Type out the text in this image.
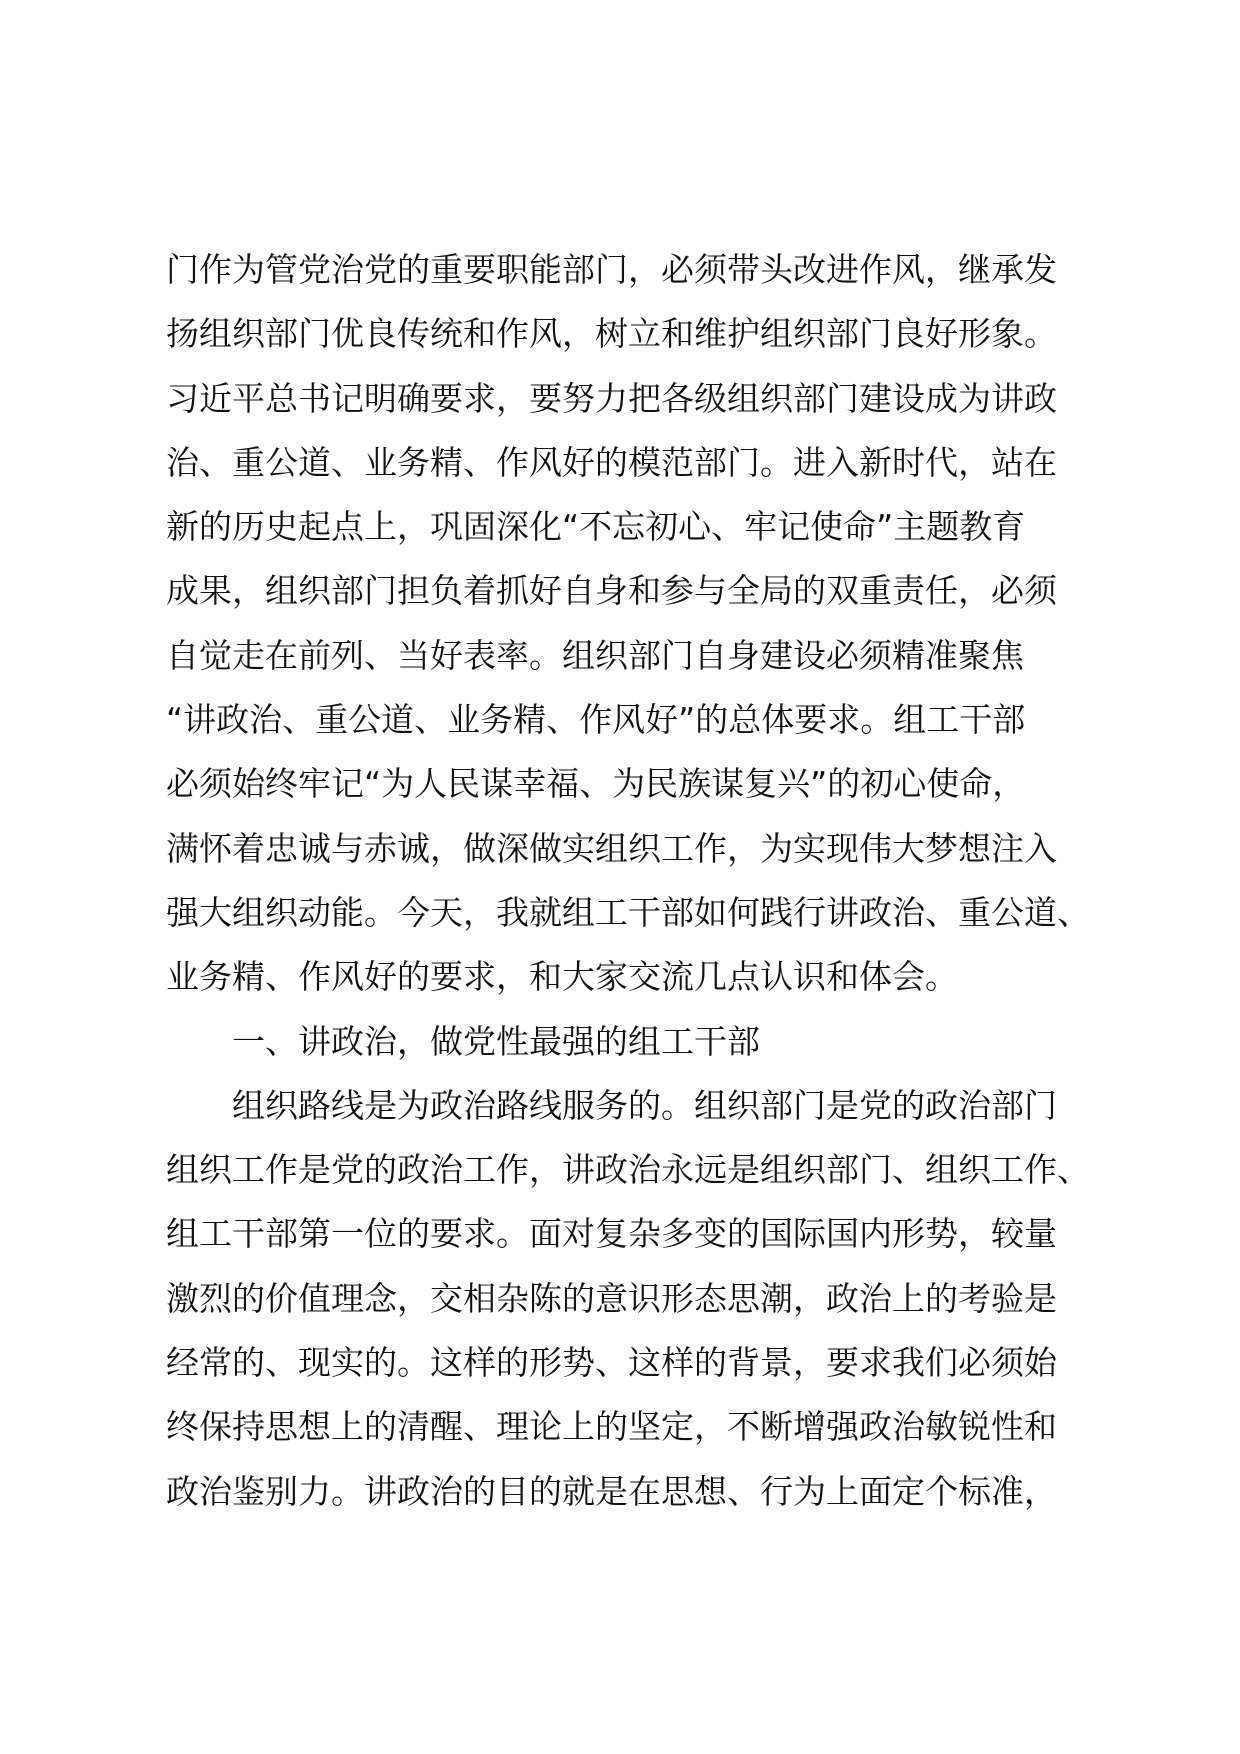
门作为管党治党的重要职能部门，必须带头改进作风，继承发
扬组织部门优良传统和作风，树立和维护组织部门良好形象。
习近平总书记明确要求，要努力把各级组织部门建设成为讲政
治、重公道、业务精、作风好的模范部门。进入新时代，站在
新的历史起点上，巩固深化“不忘初心、牢记使命”主题教育
成果，组织部门担负着抓好自身和参与全局的双重责任，必须
自觉走在前列、当好表率。组织部门自身建设必须精准聚焦
“讲政治、重公道、业务精、作风好”的总体要求。组工干部
必须始终牢记“为人民谋幸福、为民族谋复兴”的初心使命，
满怀着忠诚与赤诚，做深做实组织工作，为实现伟大梦想注入
强大组织动能。今天，我就组工干部如何践行讲政治、重公道、
业务精、作风好的要求，和大家交流几点认识和体会。
一、讲政治，做党性最强的组工干部
组织路线是为政治路线服务的。组织部门是党的政治部门
组织工作是党的政治工作，讲政治永远是组织部门、组织工作、
组工干部第一位的要求。面对复杂多变的国际国内形势，较量
激烈的价值理念，交相杂陈的意识形态思潮，政治上的考验是
经常的、现实的。这样的形势、这样的背景，要求我们必须始
终保持思想上的清醒、理论上的坚定，不断增强政治敏锐性和
政治鉴别力。讲政治的目的就是在思想、行为上面定个标准，
